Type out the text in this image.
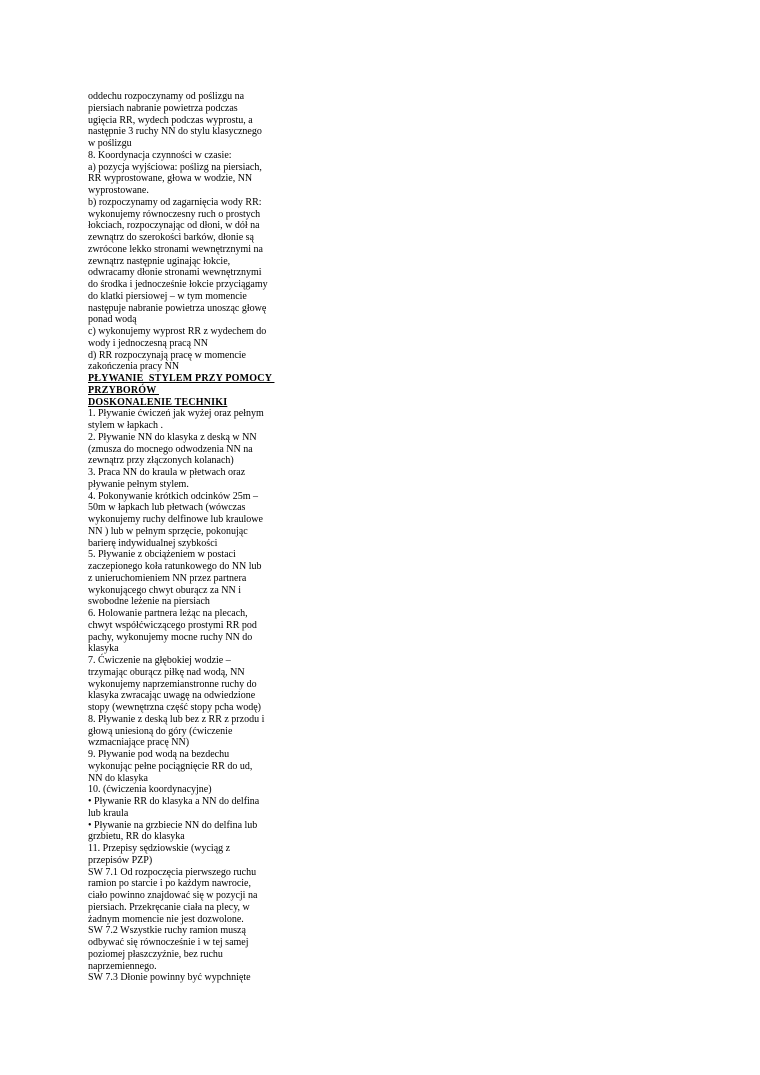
oddechu rozpoczynamy od poślizgu na
piersiach nabranie powietrza podczas
ugięcia RR, wydech podczas wyprostu, a
następnie 3 ruchy NN do stylu klasycznego
w poślizgu
8. Koordynacja czynności w czasie:
a) pozycja wyjściowa: poślizg na piersiach,
RR wyprostowane, głowa w wodzie, NN
wyprostowane.
b) rozpoczynamy od zagarnięcia wody RR:
wykonujemy równoczesny ruch o prostych
łokciach, rozpoczynając od dłoni, w dół na
zewnątrz do szerokości barków, dłonie są
zwrócone lekko stronami wewnętrznymi na
zewnątrz następnie uginając łokcie,
odwracamy dłonie stronami wewnętrznymi
do środka i jednocześnie łokcie przyciągamy
do klatki piersiowej – w tym momencie
następuje nabranie powietrza unosząc głowę
ponad wodą
c) wykonujemy wyprost RR z wydechem do
wody i jednoczesną pracą NN
d) RR rozpoczynają pracę w momencie
zakończenia pracy NN
PŁYWANIE  STYLEM PRZY POMOCY
PRZYBORÓW
DOSKONALENIE TECHNIKI
1. Pływanie ćwiczeń jak wyżej oraz pełnym
stylem w łapkach .
2. Pływanie NN do klasyka z deską w NN
(zmusza do mocnego odwodzenia NN na
zewnątrz przy złączonych kolanach)
3. Praca NN do kraula w płetwach oraz
pływanie pełnym stylem.
4. Pokonywanie krótkich odcinków 25m –
50m w łapkach lub płetwach (wówczas
wykonujemy ruchy delfinowe lub kraulowe
NN ) lub w pełnym sprzęcie, pokonując
barierę indywidualnej szybkości
5. Pływanie z obciążeniem w postaci
zaczepionego koła ratunkowego do NN lub
z unieruchomieniem NN przez partnera
wykonującego chwyt oburącz za NN i
swobodne leżenie na piersiach
6. Holowanie partnera leżąc na plecach,
chwyt współćwiczącego prostymi RR pod
pachy, wykonujemy mocne ruchy NN do
klasyka
7. Ćwiczenie na głębokiej wodzie –
trzymając oburącz piłkę nad wodą, NN
wykonujemy naprzemianstronne ruchy do
klasyka zwracając uwagę na odwiedzione
stopy (wewnętrzna część stopy pcha wodę)
8. Pływanie z deską lub bez z RR z przodu i
głową uniesioną do góry (ćwiczenie
wzmacniające pracę NN)
9. Pływanie pod wodą na bezdechu
wykonując pełne pociągnięcie RR do ud,
NN do klasyka
10. (ćwiczenia koordynacyjne)
• Pływanie RR do klasyka a NN do delfina
lub kraula
• Pływanie na grzbiecie NN do delfina lub
grzbietu, RR do klasyka
11. Przepisy sędziowskie (wyciąg z
przepisów PZP)
SW 7.1 Od rozpoczęcia pierwszego ruchu
ramion po starcie i po każdym nawrocie,
ciało powinno znajdować się w pozycji na
piersiach. Przekręcanie ciała na plecy, w
żadnym momencie nie jest dozwolone.
SW 7.2 Wszystkie ruchy ramion muszą
odbywać się równocześnie i w tej samej
poziomej płaszczyźnie, bez ruchu
naprzemiennego.
SW 7.3 Dłonie powinny być wypchnięte
